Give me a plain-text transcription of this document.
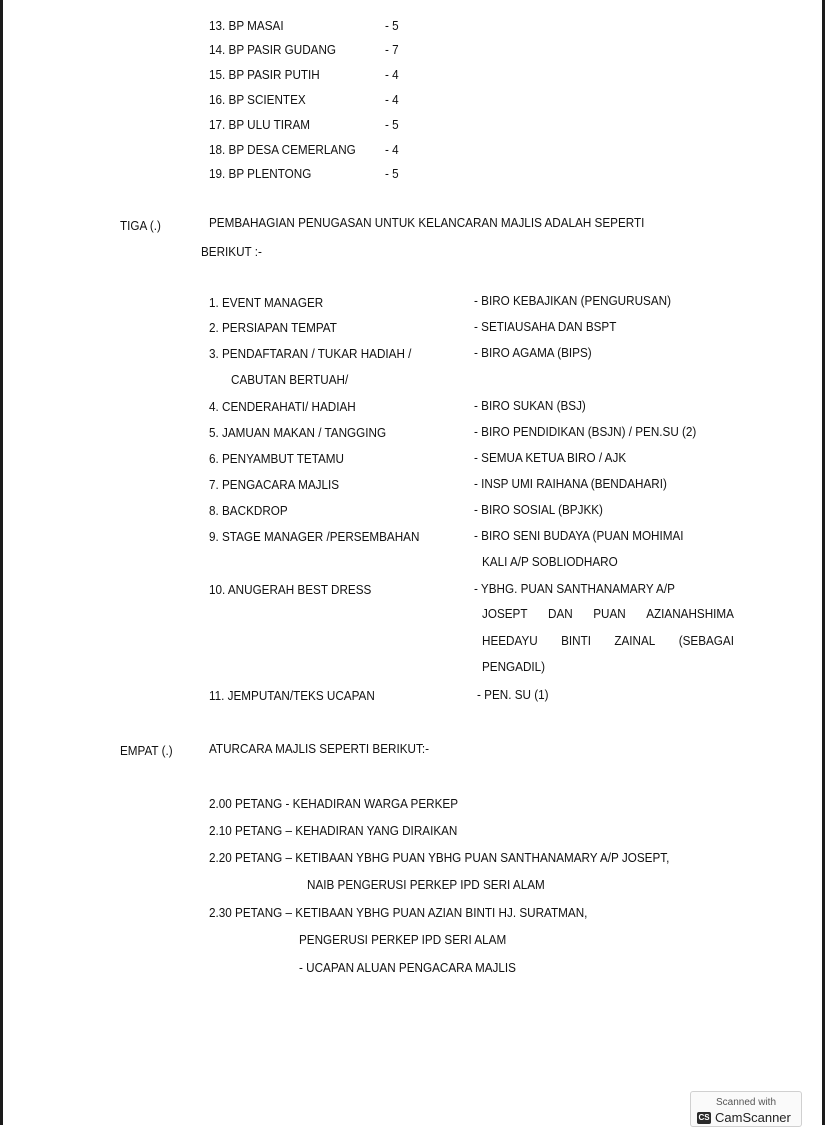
13. BP MASAI	- 5
14. BP PASIR GUDANG	- 7
15. BP PASIR PUTIH	- 4
16. BP SCIENTEX	- 4
17. BP ULU TIRAM	- 5
18. BP DESA CEMERLANG - 4
19. BP PLENTONG	- 5
TIGA (.)	PEMBAHAGIAN PENUGASAN UNTUK KELANCARAN MAJLIS ADALAH SEPERTI
BERIKUT :-
1. EVENT MANAGER	- BIRO KEBAJIKAN (PENGURUSAN)
2. PERSIAPAN TEMPAT	- SETIAUSAHA DAN BSPT
3. PENDAFTARAN / TUKAR HADIAH /	- BIRO AGAMA (BIPS)
CABUTAN BERTUAH/
4. CENDERAHATI/ HADIAH	- BIRO SUKAN (BSJ)
5. JAMUAN MAKAN / TANGGING	- BIRO PENDIDIKAN (BSJN) / PEN.SU (2)
6. PENYAMBUT TETAMU	- SEMUA KETUA BIRO / AJK
7. PENGACARA MAJLIS	- INSP UMI RAIHANA (BENDAHARI)
8. BACKDROP	- BIRO SOSIAL (BPJKK)
9. STAGE MANAGER /PERSEMBAHAN	- BIRO SENI BUDAYA (PUAN MOHIMAI
KALI A/P SOBLIODHARO
10. ANUGERAH BEST DRESS	- YBHG. PUAN SANTHANAMARY A/P
JOSEPT DAN PUAN AZIANAHSHIMA
HEEDAYU BINTI ZAINAL (SEBAGAI
PENGADIL)
11. JEMPUTAN/TEKS UCAPAN	- PEN. SU (1)
EMPAT (.)	ATURCARA MAJLIS SEPERTI BERIKUT:-
2.00 PETANG - KEHADIRAN WARGA PERKEP
2.10 PETANG – KEHADIRAN YANG DIRAIKAN
2.20 PETANG – KETIBAAN YBHG PUAN YBHG PUAN SANTHANAMARY A/P JOSEPT,
NAIB PENGERUSI PERKEP IPD SERI ALAM
2.30 PETANG – KETIBAAN YBHG PUAN AZIAN BINTI HJ. SURATMAN,
PENGERUSI PERKEP IPD SERI ALAM
- UCAPAN ALUAN PENGACARA MAJLIS
Scanned with
CS CamScanner
